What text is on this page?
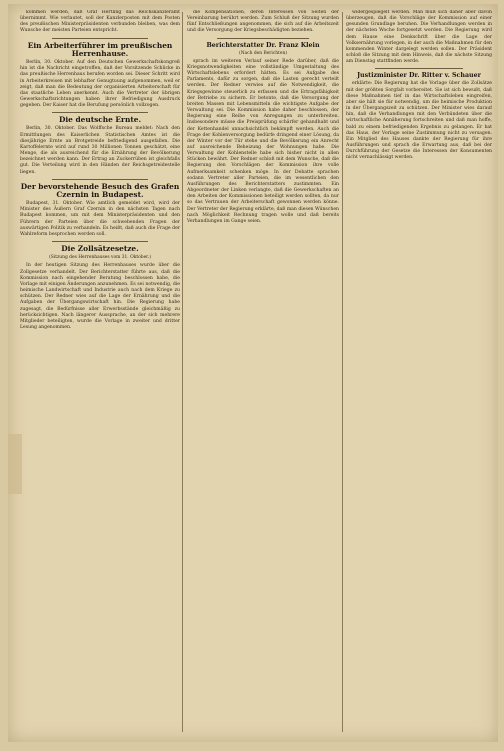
kommen werden, daß Graf Hertling das Reichskanzleramt übernimmt. Wie verlautet, soll der Kanzlerposten mit dem Posten des preußischen Ministerpräsidenten verbunden bleiben, was dem Wunsche der meisten Parteien entspricht.

Ein Arbeiterführer im preußischen Herrenhause.

Berlin, 30. Oktober. Auf den Deutschen Gewerkschaftskongreß hin ist die Nachricht eingetroffen, daß der Vorsitzende Schlicke in das preußische Herrenhaus berufen worden sei. Dieser Schritt wird in Arbeiterkreisen mit lebhafter Genugtuung aufgenommen, weil er zeigt, daß man die Bedeutung der organisierten Arbeiterschaft für das staatliche Leben anerkennt. Auch die Vertreter der übrigen Gewerkschaftsrichtungen haben ihrer Befriedigung Ausdruck gegeben. Der Kaiser hat die Berufung persönlich vollzogen.

Die deutsche Ernte.

Berlin, 30. Oktober. Das Wolffsche Bureau meldet: Nach den Ermittlungen des Kaiserlichen Statistischen Amtes ist die diesjährige Ernte an Brotgetreide befriedigend ausgefallen. Die Kartoffelernte wird auf rund 30 Millionen Tonnen geschätzt, eine Menge, die als ausreichend für die Ernährung der Bevölkerung bezeichnet werden kann. Der Ertrag an Zuckerrüben ist gleichfalls gut. Die Verteilung wird in den Händen der Reichsgetreidestelle liegen.

Der bevorstehende Besuch des Grafen Czernin in Budapest.

Budapest, 31. Oktober. Wie amtlich gemeldet wird, wird der Minister des Äußern Graf Czernin in den nächsten Tagen nach Budapest kommen, um mit dem Ministerpräsidenten und den Führern der Parteien über die schwebenden Fragen der auswärtigen Politik zu verhandeln. Es heißt, daß auch die Frage der Wahlreform besprochen werden soll.

Die Zollsätzesetze.
(Sitzung des Herrenhauses vom 31. Oktober.)

In der heutigen Sitzung des Herrenhauses wurde über die Zollgesetze verhandelt. Der Berichterstatter führte aus, daß die Kommission nach eingehender Beratung beschlossen habe, die Vorlage mit einigen Änderungen anzunehmen. Es sei notwendig, die heimische Landwirtschaft und Industrie auch nach dem Kriege zu schützen. Der Redner wies auf die Lage der Ernährung und die Aufgaben der Übergangswirtschaft hin. Die Regierung habe zugesagt, die Bedürfnisse aller Erwerbsstände gleichmäßig zu berücksichtigen. Nach längerer Aussprache, an der sich mehrere Mitglieder beteiligten, wurde die Vorlage in zweiter und dritter Lesung angenommen.

die Kompensationen, deren Interessen von Seiten der Vereinbarung berührt werden. Zum Schluß der Sitzung wurden fünf Entschließungen angenommen, die sich auf die Arbeitszeit und die Versorgung der Kriegsbeschädigten beziehen.

Berichterstatter Dr. Franz Klein
(Nach den Berichten)

sprach im weiteren Verlauf seiner Rede darüber, daß die Kriegsnotwendigkeiten eine vollständige Umgestaltung des Wirtschaftslebens erfordert hätten. Es sei Aufgabe des Parlaments, dafür zu sorgen, daß die Lasten gerecht verteilt werden. Der Redner verwies auf die Notwendigkeit, die Kriegsgewinne steuerlich zu erfassen und die Ertragsfähigkeit der Betriebe zu sichern. Er betonte, daß die Versorgung der breiten Massen mit Lebensmitteln die wichtigste Aufgabe der Verwaltung sei. Die Kommission habe daher beschlossen, der Regierung eine Reihe von Anregungen zu unterbreiten. Insbesondere müsse die Preisprüfung schärfer gehandhabt und der Kettenhandel unnachsichtlich bekämpft werden. Auch die Frage der Kohlenversorgung bedürfe dringend einer Lösung, da der Winter vor der Tür stehe und die Bevölkerung ein Anrecht auf ausreichende Beheizung der Wohnungen habe. Die Verwaltung der Kohlenstelle habe sich bisher nicht in allen Stücken bewährt. Der Redner schloß mit dem Wunsche, daß die Regierung den Vorschlägen der Kommission ihre volle Aufmerksamkeit schenken möge. In der Debatte sprachen sodann Vertreter aller Parteien, die im wesentlichen den Ausführungen des Berichterstatters zustimmten. Ein Abgeordneter der Linken verlangte, daß die Gewerkschaften an den Arbeiten der Kommissionen beteiligt werden sollten, da nur so das Vertrauen der Arbeiterschaft gewonnen werden könne. Der Vertreter der Regierung erklärte, daß man diesen Wünschen nach Möglichkeit Rechnung tragen wolle und daß bereits Verhandlungen im Gange seien.

widergespiegelt werden. Man muß sich daher aber davon überzeugen, daß die Vorschläge der Kommission auf einer gesunden Grundlage beruhen. Die Verhandlungen werden in der nächsten Woche fortgesetzt werden. Die Regierung wird dem Hause eine Denkschrift über die Lage der Volksernährung vorlegen, in der auch die Maßnahmen für den kommenden Winter dargelegt werden sollen. Der Präsident schloß die Sitzung mit dem Hinweis, daß die nächste Sitzung am Dienstag stattfinden werde.

Justizminister Dr. Ritter v. Schauer

erklärte: Die Regierung hat die Vorlage über die Zollsätze mit der größten Sorgfalt vorbereitet. Sie ist sich bewußt, daß diese Maßnahmen tief in das Wirtschaftsleben eingreifen, aber sie hält sie für notwendig, um die heimische Produktion in der Übergangszeit zu schützen. Der Minister wies darauf hin, daß die Verhandlungen mit den Verbündeten über die wirtschaftliche Annäherung fortschreiten und daß man hoffe, bald zu einem befriedigenden Ergebnis zu gelangen. Er bat das Haus, der Vorlage seine Zustimmung nicht zu versagen. Ein Mitglied des Hauses dankte der Regierung für ihre Ausführungen und sprach die Erwartung aus, daß bei der Durchführung der Gesetze die Interessen der Konsumenten nicht vernachlässigt werden.
